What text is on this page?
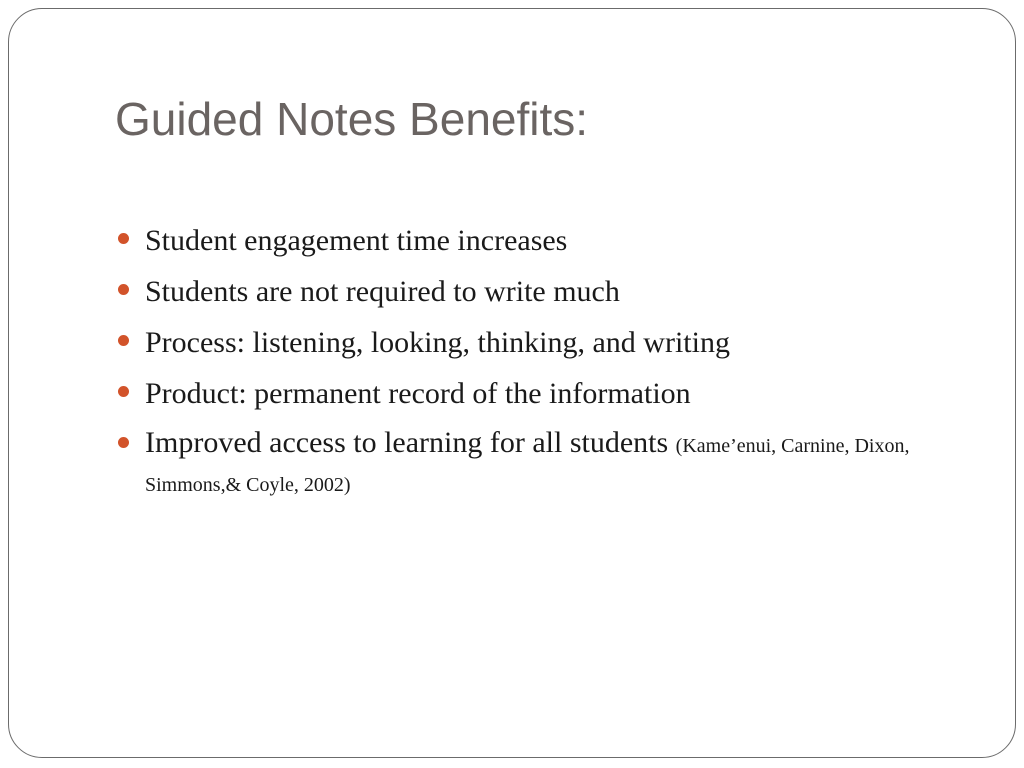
Guided Notes Benefits:
Student engagement time increases
Students are not required to write much
Process: listening, looking, thinking, and writing
Product: permanent record of the information
Improved access to learning for all students (Kame’enui, Carnine, Dixon, Simmons,& Coyle, 2002)
